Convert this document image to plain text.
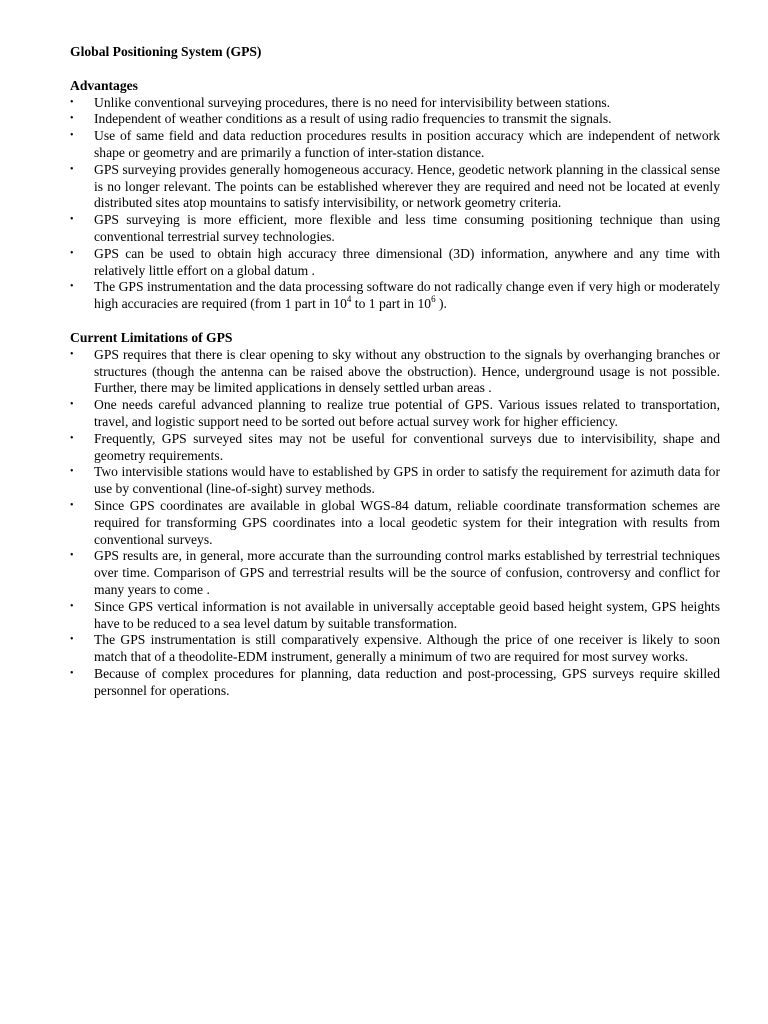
Global Positioning System (GPS)
Advantages
•	Unlike conventional surveying procedures, there is no need for intervisibility between stations.
•	Independent of weather conditions as a result of using radio frequencies to transmit the signals.
•	Use of same field and data reduction procedures results in position accuracy which are independent of network shape or geometry and are primarily a function of inter-station distance.
•	GPS surveying provides generally homogeneous accuracy. Hence, geodetic network planning in the classical sense is no longer relevant. The points can be established wherever they are required and need not be located at evenly distributed sites atop mountains to satisfy intervisibility, or network geometry criteria.
•	GPS surveying is more efficient, more flexible and less time consuming positioning technique than using conventional terrestrial survey technologies.
•	GPS can be used to obtain high accuracy three dimensional (3D) information, anywhere and any time with relatively little effort on a global datum .
•	The GPS instrumentation and the data processing software do not radically change even if very high or moderately high accuracies are required (from 1 part in $10^4$ to 1 part in $10^6$ ).
Current Limitations of GPS
•	GPS requires that there is clear opening to sky without any obstruction to the signals by overhanging branches or structures (though the antenna can be raised above the obstruction). Hence, underground usage is not possible. Further, there may be limited applications in densely settled urban areas .
•	One needs careful advanced planning to realize true potential of GPS. Various issues related to transportation, travel, and logistic support need to be sorted out before actual survey work for higher efficiency.
•	Frequently, GPS surveyed sites may not be useful for conventional surveys due to intervisibility, shape and geometry requirements.
•	Two intervisible stations would have to established by GPS in order to satisfy the requirement for azimuth data for use by conventional (line-of-sight) survey methods.
•	Since GPS coordinates are available in global WGS-84 datum, reliable coordinate transformation schemes are required for transforming GPS coordinates into a local geodetic system for their integration with results from conventional surveys.
•	GPS results are, in general, more accurate than the surrounding control marks established by terrestrial techniques over time. Comparison of GPS and terrestrial results will be the source of confusion, controversy and conflict for many years to come .
•	Since GPS vertical information is not available in universally acceptable geoid based height system, GPS heights have to be reduced to a sea level datum by suitable transformation.
•	The GPS instrumentation is still comparatively expensive. Although the price of one receiver is likely to soon match that of a theodolite-EDM instrument, generally a minimum of two are required for most survey works.
•	Because of complex procedures for planning, data reduction and post-processing, GPS surveys require skilled personnel for operations.
